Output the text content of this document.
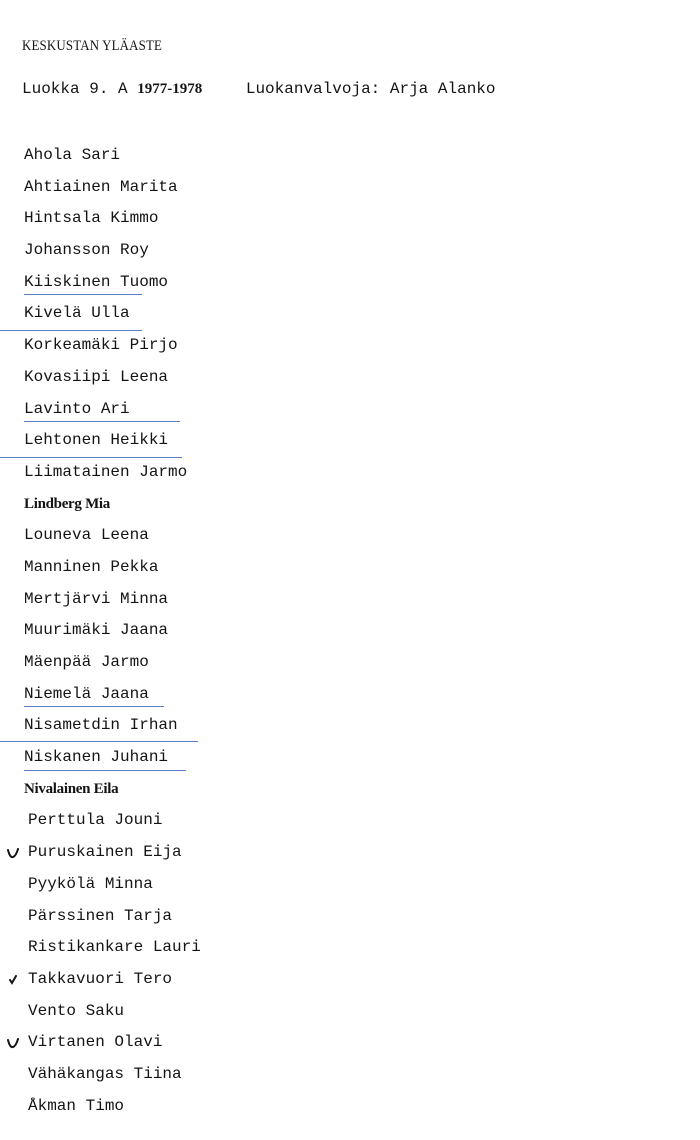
KESKUSTAN YLÄASTE
Luokka 9. A 1977-1978	Luokanvalvoja: Arja Alanko
Ahola Sari
Ahtiainen Marita
Hintsala Kimmo
Johansson Roy
Kiiskinen Tuomo
Kivelä Ulla
Korkeamäki Pirjo
Kovasiipi Leena
Lavinto Ari
Lehtonen Heikki
Liimatainen Jarmo
Lindberg Mia
Louneva Leena
Manninen Pekka
Mertjärvi Minna
Muurimäki Jaana
Mäenpää Jarmo
Niemelä Jaana
Nisametdin Irhan
Niskanen Juhani
Nivalainen Eila
Perttula Jouni
Puruskainen Eija
Pyykölä Minna
Pärssinen Tarja
Ristikankare Lauri
Takkavuori Tero
Vento Saku
Virtanen Olavi
Vähäkangas Tiina
Åkman Timo
